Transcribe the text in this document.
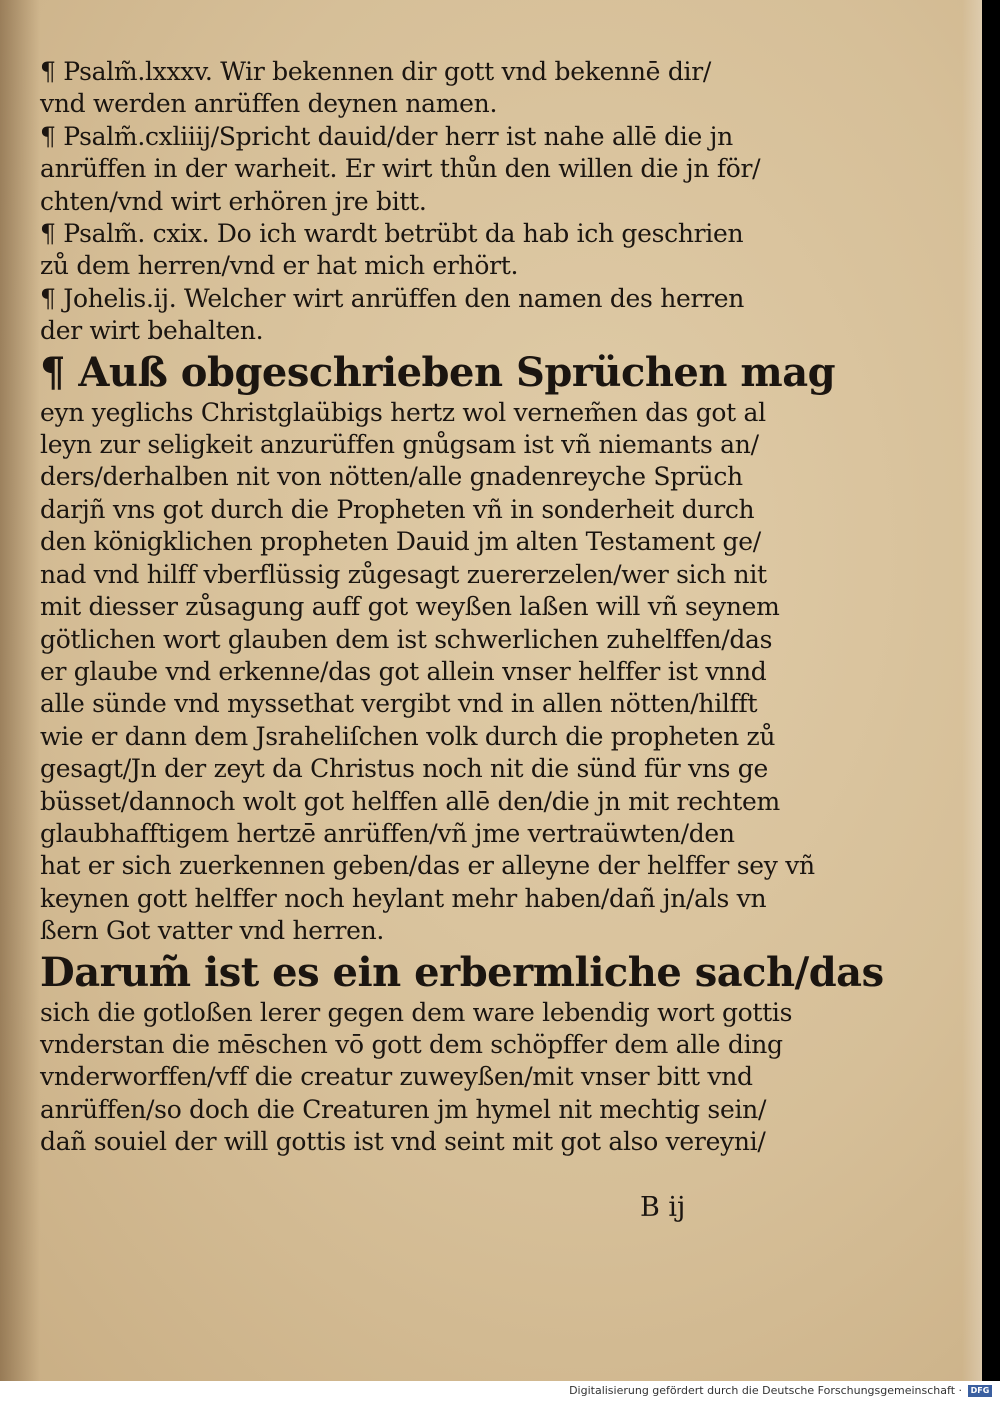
¶ Psalm̃.lxxxv. Wir bekennen dir gott vnd bekennē dir/
vnd werden anrüffen deynen namen.
¶ Psalm̃.cxliiij/Spricht dauid/der herr ist nahe allē die jn
anrüffen in der warheit. Er wirt thůn den willen die jn för/
chten/vnd wirt erhören jre bitt.
¶ Psalm̃. cxix. Do ich wardt betrübt da hab ich geschrien
zů dem herren/vnd er hat mich erhört.
¶ Johelis.ij. Welcher wirt anrüffen den namen des herren
der wirt behalten.
¶ Auß obgeschrieben Sprüchen mag
eyn yeglichs Christglaübigs hertz wol vernem̃en das got al
leyn zur seligkeit anzurüffen gnůgsam ist vñ niemants an/
ders/derhalben nit von nötten/alle gnadenreyche Sprüch
darjñ vns got durch die Propheten vñ in sonderheit durch
den königklichen propheten Dauid jm alten Testament ge/
nad vnd hilff vberflüssig zůgesagt zuererzelen/wer sich nit
mit diesser zůsagung auff got weyßen laßen will vñ seynem
götlichen wort glauben dem ist schwerlichen zuhelffen/das
er glaube vnd erkenne/das got allein vnser helffer ist vnnd
alle sünde vnd myssethat vergibt vnd in allen nötten/hilfft
wie er dann dem Jsraheliſchen volk durch die propheten zů
gesagt/Jn der zeyt da Christus noch nit die sünd für vns ge
büsset/dannoch wolt got helffen allē den/die jn mit rechtem
glaubhafftigem hertzē anrüffen/vñ jme vertraüwten/den
hat er sich zuerkennen geben/das er alleyne der helffer sey vñ
keynen gott helffer noch heylant mehr haben/dañ jn/als vn
ßern Got vatter vnd herren.
Darum̃ ist es ein erbermliche sach/das
sich die gotloßen lerer gegen dem ware lebendig wort gottis
vnderstan die mēschen vō gott dem schöpffer dem alle ding
vnderworffen/vff die creatur zuweyßen/mit vnser bitt vnd
anrüffen/so doch die Creaturen jm hymel nit mechtig sein/
dañ souiel der will gottis ist vnd seint mit got also vereyni/
B ij
Digitalisierung gefördert durch die Deutsche Forschungsgemeinschaft ·	DFG
